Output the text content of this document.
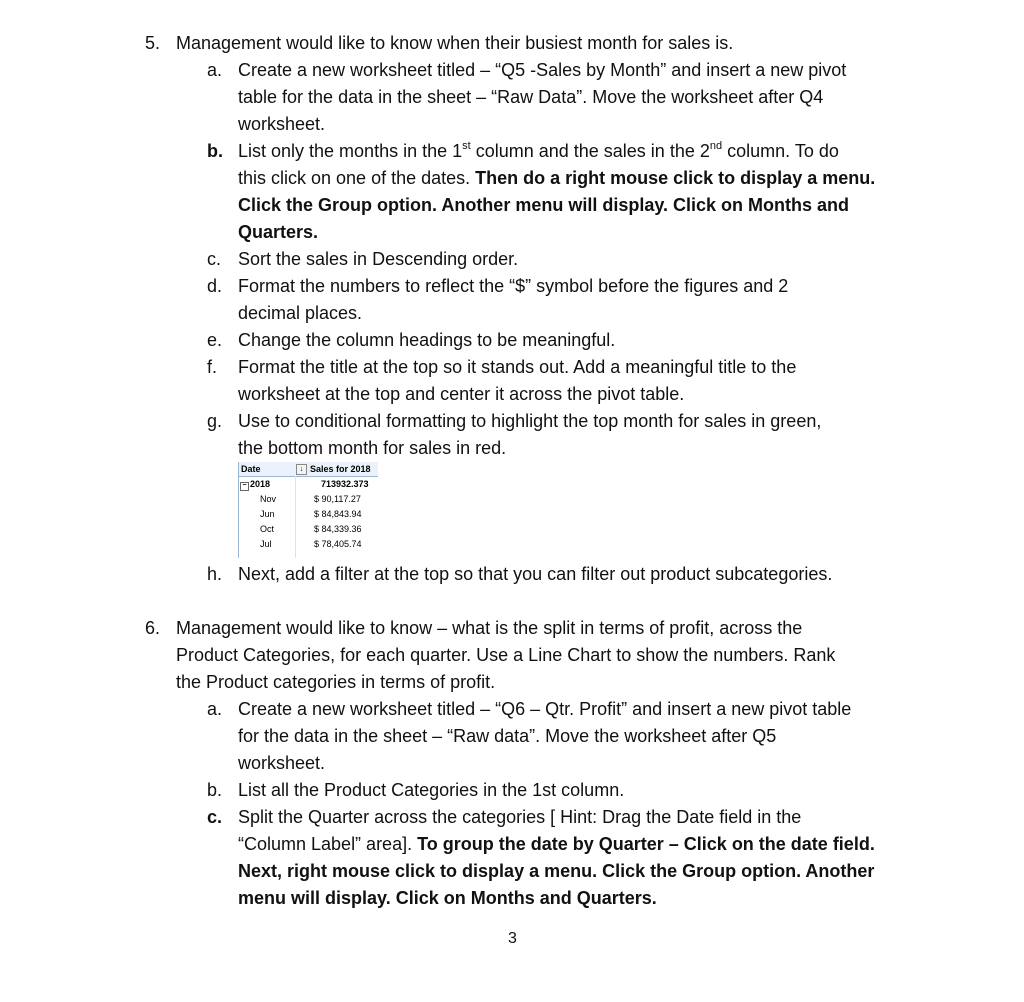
5. Management would like to know when their busiest month for sales is.
a. Create a new worksheet titled – “Q5 -Sales by Month” and insert a new pivot
table for the data in the sheet – “Raw Data”. Move the worksheet after Q4
worksheet.
b. List only the months in the 1st column and the sales in the 2nd column. To do
this click on one of the dates. Then do a right mouse click to display a menu.
Click the Group option. Another menu will display. Click on Months and
Quarters.
c. Sort the sales in Descending order.
d. Format the numbers to reflect the “$” symbol before the figures and 2
decimal places.
e. Change the column headings to be meaningful.
f. Format the title at the top so it stands out. Add a meaningful title to the
worksheet at the top and center it across the pivot table.
g. Use to conditional formatting to highlight the top month for sales in green,
the bottom month for sales in red.
Date	↓ Sales for 2018
− 2018	713932.373
Nov	$ 90,117.27
Jun	$ 84,843.94
Oct	$ 84,339.36
Jul	$ 78,405.74
h. Next, add a filter at the top so that you can filter out product subcategories.
6. Management would like to know – what is the split in terms of profit, across the
Product Categories, for each quarter. Use a Line Chart to show the numbers. Rank
the Product categories in terms of profit.
a. Create a new worksheet titled – “Q6 – Qtr. Profit” and insert a new pivot table
for the data in the sheet – “Raw data”. Move the worksheet after Q5
worksheet.
b. List all the Product Categories in the 1st column.
c. Split the Quarter across the categories [ Hint: Drag the Date field in the
“Column Label” area]. To group the date by Quarter – Click on the date field.
Next, right mouse click to display a menu. Click the Group option. Another
menu will display. Click on Months and Quarters.
3
